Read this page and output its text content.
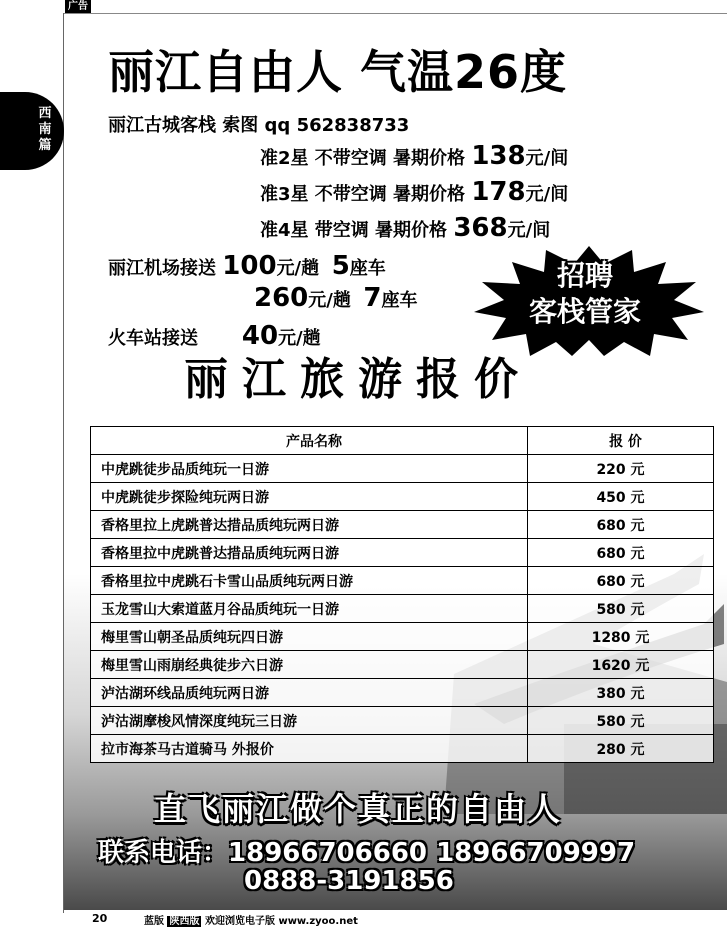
广告
西南篇
丽江自由人 气温26度
丽江古城客栈 索图 qq 562838733
准2星 不带空调 暑期价格 138元/间
准3星 不带空调 暑期价格 178元/间
准4星 带空调 暑期价格 368元/间
丽江机场接送 100元/趟 5座车
260元/趟 7座车
火车站接送 40元/趟
招聘
客栈管家
丽江旅游报价
产品名称	报 价
中虎跳徒步品质纯玩一日游	220 元
中虎跳徒步探险纯玩两日游	450 元
香格里拉上虎跳普达措品质纯玩两日游	680 元
香格里拉中虎跳普达措品质纯玩两日游	680 元
香格里拉中虎跳石卡雪山品质纯玩两日游	680 元
玉龙雪山大索道蓝月谷品质纯玩一日游	580 元
梅里雪山朝圣品质纯玩四日游	1280 元
梅里雪山雨崩经典徒步六日游	1620 元
泸沽湖环线品质纯玩两日游	380 元
泸沽湖摩梭风情深度纯玩三日游	580 元
拉市海茶马古道骑马 外报价	280 元
直飞丽江做个真正的自由人
联系电话：18966706660 18966709997
0888-3191856
20	蓝版 陕西版 欢迎浏览电子版 www.zyoo.net
